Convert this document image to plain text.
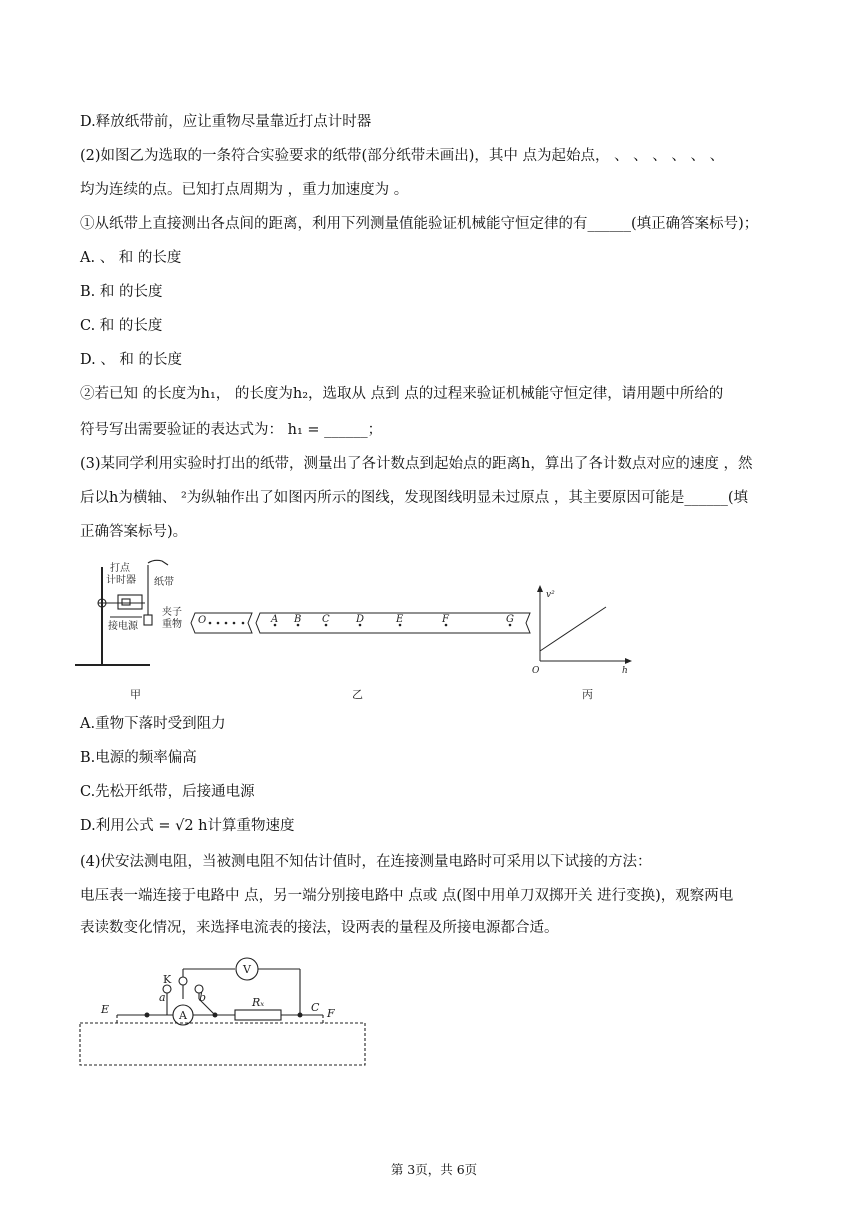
D.释放纸带前，应让重物尽量靠近打点计时器
(2)如图乙为选取的一条符合实验要求的纸带(部分纸带未画出)，其中 点为起始点， 、 、 、 、 、 、
均为连续的点。已知打点周期为 ，重力加速度为 。
①从纸带上直接测出各点间的距离，利用下列测量值能验证机械能守恒定律的有______(填正确答案标号)；
A. 、 和 的长度
B. 和 的长度
C. 和 的长度
D. 、 和 的长度
②若已知 的长度为h₁， 的长度为h₂，选取从 点到 点的过程来验证机械能守恒定律，请用题中所给的
符号写出需要验证的表达式为： h₁ = ______；
(3)某同学利用实验时打出的纸带，测量出了各计数点到起始点的距离h，算出了各计数点对应的速度 ，然
后以h为横轴、 ²为纵轴作出了如图丙所示的图线，发现图线明显未过原点 ，其主要原因可能是______(填
正确答案标号)。
打点
计时器 纸带
夹子
接电源 重物
甲
O	A B C	D	E	F	G
乙
v²
h
O
丙
A.重物下落时受到阻力
B.电源的频率偏高
C.先松开纸带，后接通电源
D.利用公式 = √2 h计算重物速度
(4)伏安法测电阻，当被测电阻不知估计值时，在连接测量电路时可采用以下试接的方法：
电压表一端连接于电路中 点，另一端分别接电路中 点或 点(图中用单刀双掷开关 进行变换)，观察两电
表读数变化情况，来选择电流表的接法，设两表的量程及所接电源都合适。
K
a	b
V
A
Rₓ
E	C F
第 3页，共 6页
